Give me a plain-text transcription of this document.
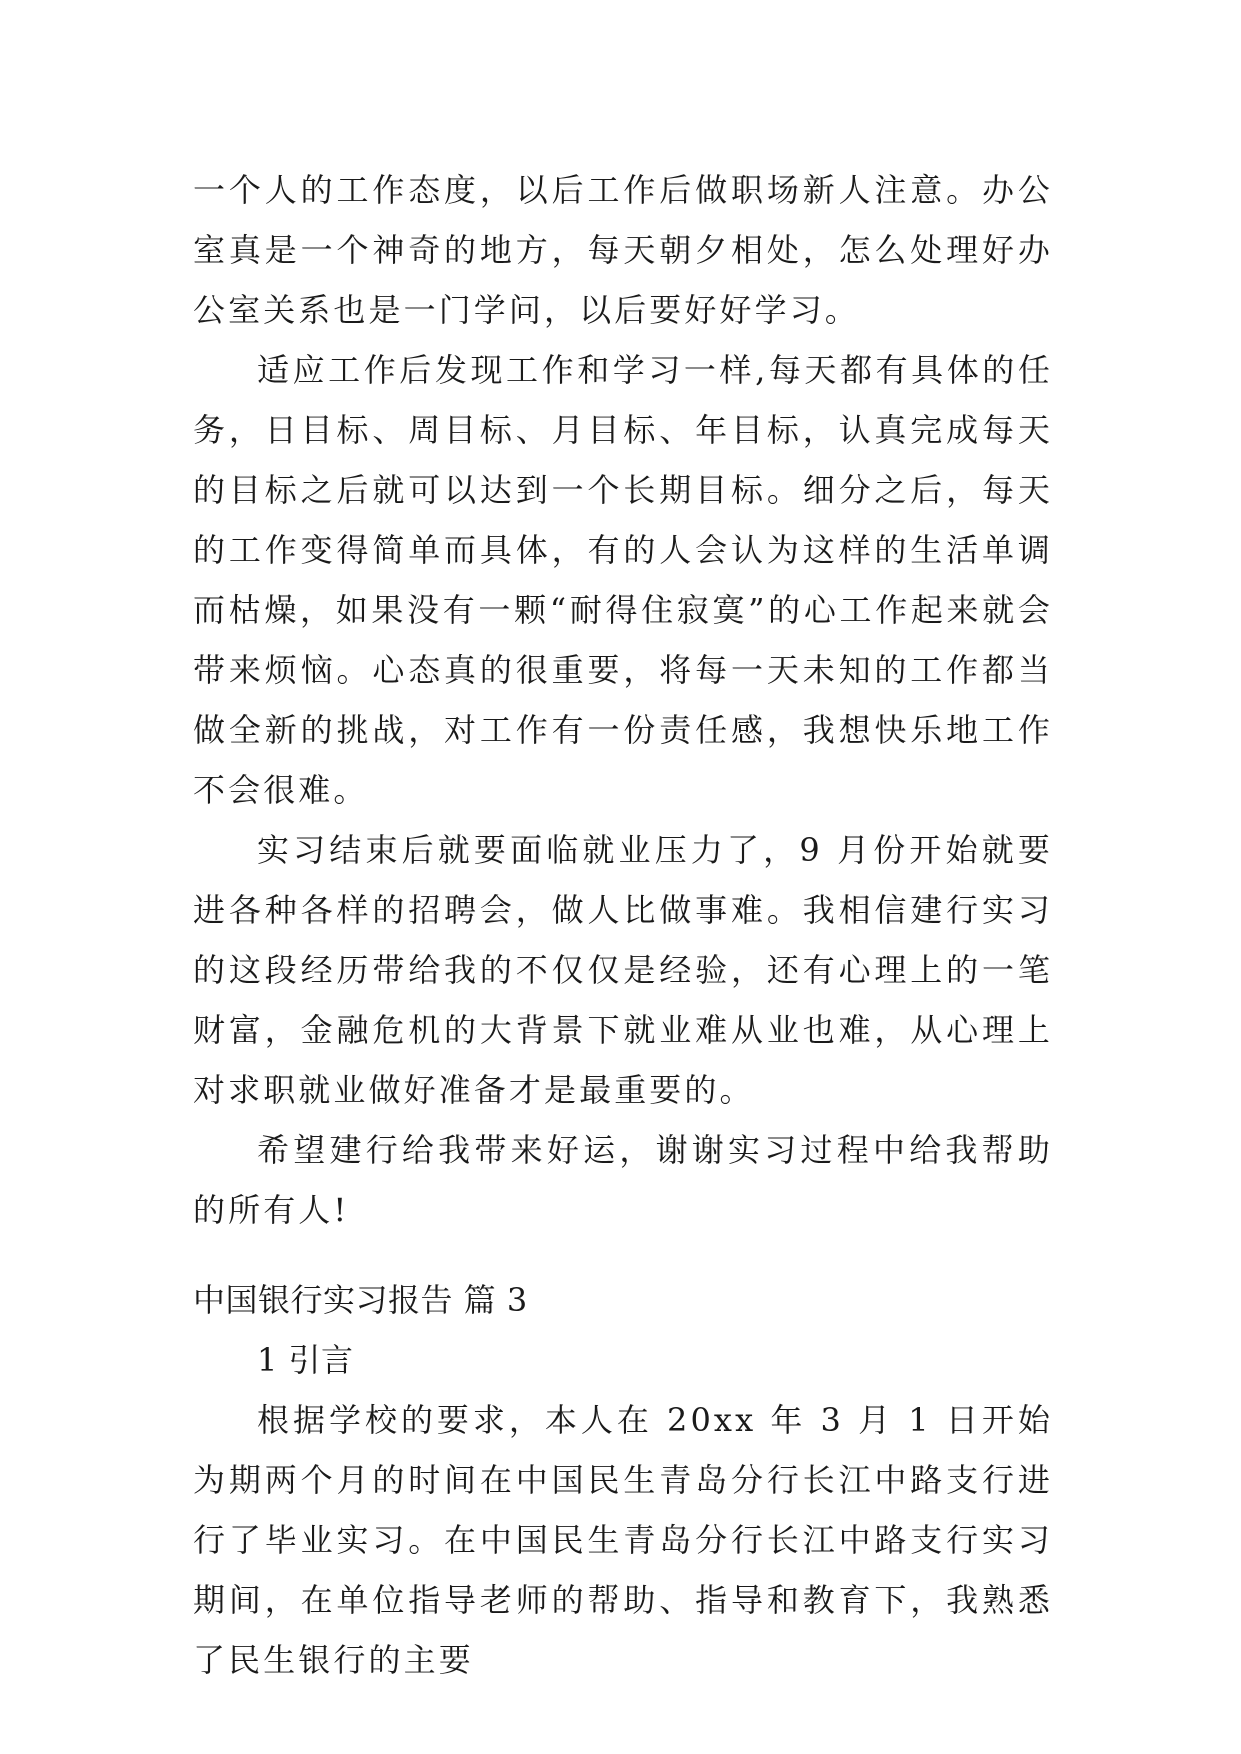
一个人的工作态度，以后工作后做职场新人注意。办公室真是一个神奇的地方，每天朝夕相处，怎么处理好办公室关系也是一门学问，以后要好好学习。

适应工作后发现工作和学习一样,每天都有具体的任务，日目标、周目标、月目标、年目标，认真完成每天的目标之后就可以达到一个长期目标。细分之后，每天的工作变得简单而具体，有的人会认为这样的生活单调而枯燥，如果没有一颗“耐得住寂寞”的心工作起来就会带来烦恼。心态真的很重要，将每一天未知的工作都当做全新的挑战，对工作有一份责任感，我想快乐地工作不会很难。

实习结束后就要面临就业压力了，9 月份开始就要进各种各样的招聘会，做人比做事难。我相信建行实习的这段经历带给我的不仅仅是经验，还有心理上的一笔财富，金融危机的大背景下就业难从业也难，从心理上对求职就业做好准备才是最重要的。

希望建行给我带来好运，谢谢实习过程中给我帮助的所有人!

中国银行实习报告 篇 3
1 引言

根据学校的要求，本人在 20xx 年 3 月 1 日开始为期两个月的时间在中国民生青岛分行长江中路支行进行了毕业实习。在中国民生青岛分行长江中路支行实习期间，在单位指导老师的帮助、指导和教育下，我熟悉了民生银行的主要
